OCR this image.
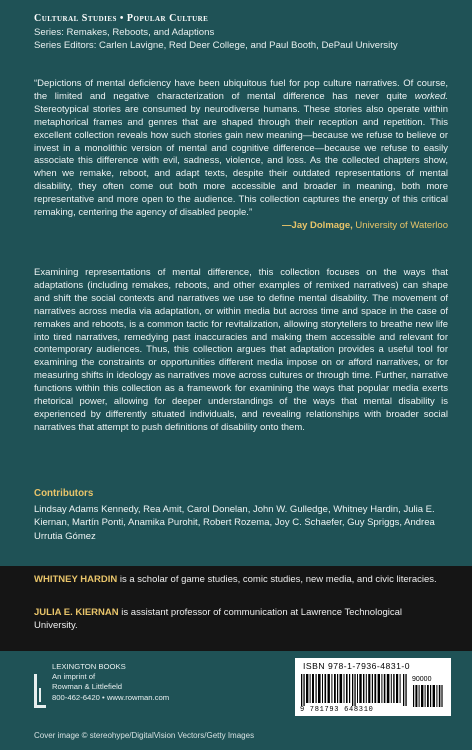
Cultural Studies • Popular Culture
Series: Remakes, Reboots, and Adaptions
Series Editors: Carlen Lavigne, Red Deer College, and Paul Booth, DePaul University
“Depictions of mental deficiency have been ubiquitous fuel for pop culture narratives. Of course, the limited and negative characterization of mental difference has never quite worked. Stereotypical stories are consumed by neurodiverse humans. These stories also operate within metaphorical frames and genres that are shaped through their reception and repetition. This excellent collection reveals how such stories gain new meaning—because we refuse to believe or invest in a monolithic version of mental and cognitive difference—because we refuse to easily associate this difference with evil, sadness, violence, and loss. As the collected chapters show, when we remake, reboot, and adapt texts, despite their outdated representations of mental disability, they often come out both more accessible and broader in meaning, both more representative and more open to the audience. This collection captures the energy of this critical remaking, centering the agency of disabled people.”
—Jay Dolmage, University of Waterloo
Examining representations of mental difference, this collection focuses on the ways that adaptations (including remakes, reboots, and other examples of remixed narratives) can shape and shift the social contexts and narratives we use to define mental disability. The movement of narratives across media via adaptation, or within media but across time and space in the case of remakes and reboots, is a common tactic for revitalization, allowing storytellers to breathe new life into tired narratives, remedying past inaccuracies and making them accessible and relevant for contemporary audiences. Thus, this collection argues that adaptation provides a useful tool for examining the constraints or opportunities different media impose on or afford narratives, or for measuring shifts in ideology as narratives move across cultures or through time. Further, narrative functions within this collection as a framework for examining the ways that popular media exerts rhetorical power, allowing for deeper understandings of the ways that mental disability is experienced by differently situated individuals, and revealing relationships with broader social narratives that attempt to push definitions of disability onto them.
Contributors
Lindsay Adams Kennedy, Rea Amit, Carol Donelan, John W. Gulledge, Whitney Hardin, Julia E. Kiernan, Martín Ponti, Anamika Purohit, Robert Rozema, Joy C. Schaefer, Guy Spriggs, Andrea Urrutia Gómez
WHITNEY HARDIN is a scholar of game studies, comic studies, new media, and civic literacies.
JULIA E. KIERNAN is assistant professor of communication at Lawrence Technological University.
LEXINGTON BOOKS
An imprint of
Rowman & Littlefield
800-462-6420 • www.rowman.com
ISBN 978-1-7936-4831-0
90000
9 781793 648310
Cover image © stereohype/DigitalVision Vectors/Getty Images
